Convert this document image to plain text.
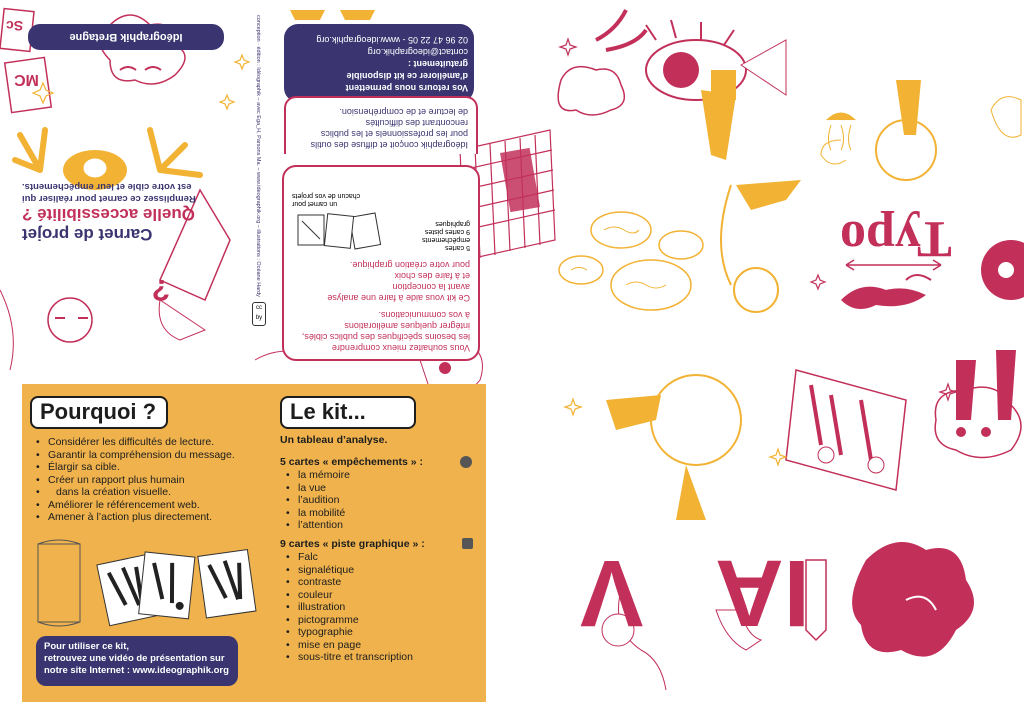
?
Typo
V IA
MC
Sc
Idéographik Bretagne
Carnet de projet
Quelle accessibilité ?
Remplissez ce carnet pour réaliser qui
est votre cible et leur empêchements.	conception · édition : Idéographik – avec Ega_H, Parsons Ma. – www.ideographik.org – illustrations : Océane Hardy
cc
by
Vos retours nous permettent
d’améliorer ce kit disponible gratuitement :
contact@ideographik.org
02 96 47 22 05 - www.ideographik.org
Idéographik conçoit et diffuse des outils
pour les professionnels et les publics
rencontrant des difficultés
de lecture et de compréhension.
Vous souhaitez mieux comprendre
les besoins spécifiques des publics ciblés,
intégrer quelques améliorations
à vos communications.
Ce kit vous aide à faire une analyse
avant la conception
et à faire des choix
pour votre création graphique.
5 cartes
empêchements
9 cartes pistes
graphiques
un carnet pour
chacun de vos projets
Pourquoi ?
• Considérer les difficultés de lecture.
• Garantir la compréhension du message.
• Élargir sa cible.
• Créer un rapport plus humain
• dans la création visuelle.
• Améliorer le référencement web.
• Amener à l’action plus directement.
Pour utiliser ce kit,
retrouvez une vidéo de présentation sur
notre site Internet : www.ideographik.org
Le kit...
Un tableau d’analyse.
5 cartes « empêchements » :
• la mémoire
• la vue
• l’audition
• la mobilité
• l’attention
9 cartes « piste graphique » :
• Falc
• signalétique
• contraste
• couleur
• illustration
• pictogramme
• typographie
• mise en page
• sous-titre et transcription
